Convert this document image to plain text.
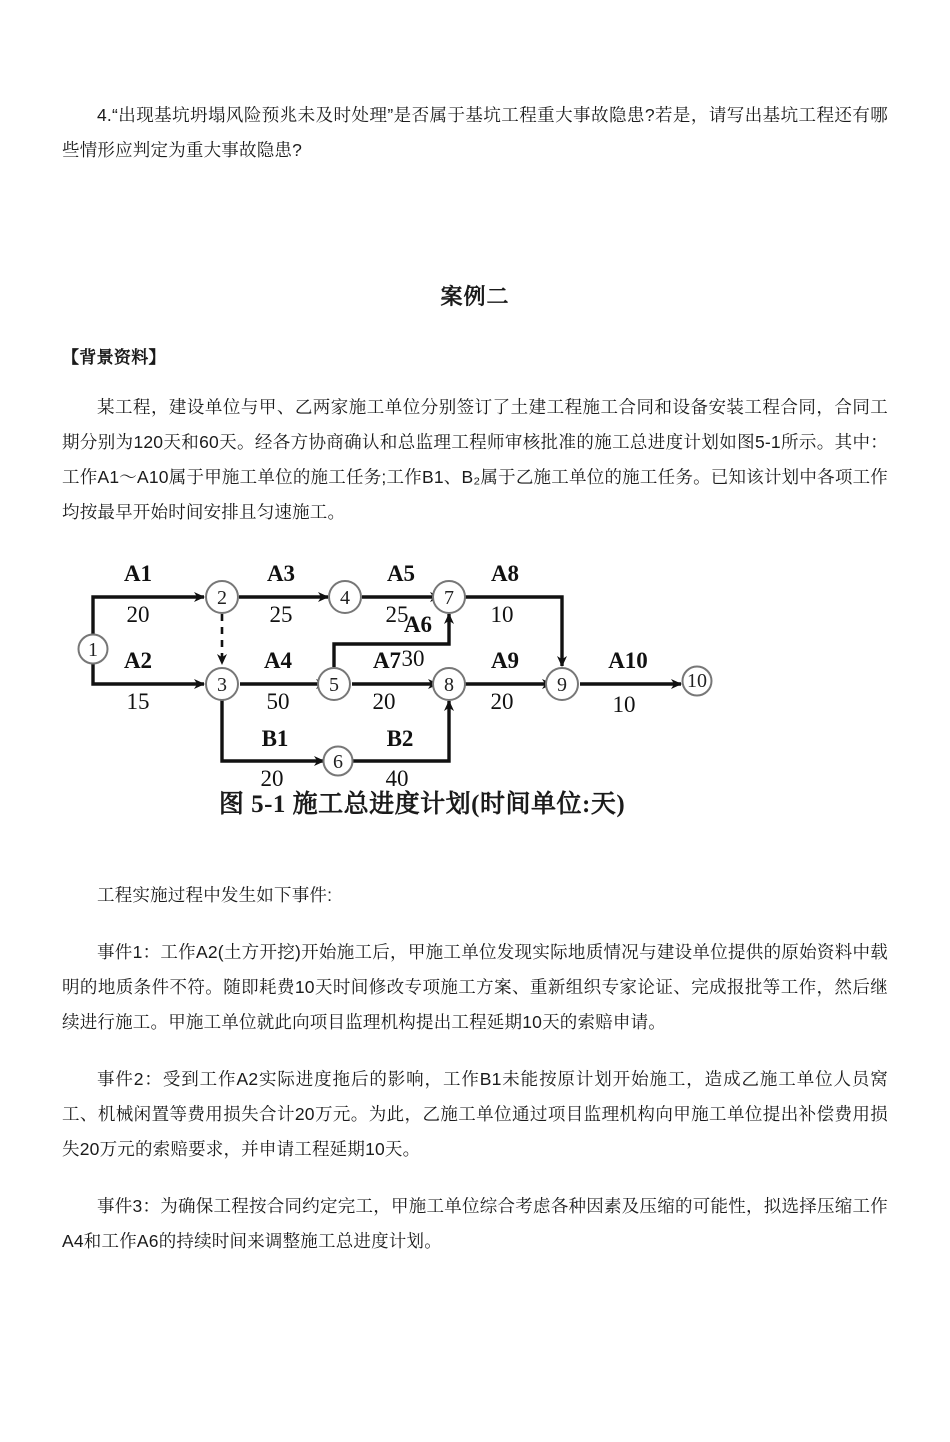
4.“出现基坑坍塌风险预兆未及时处理”是否属于基坑工程重大事故隐患?若是，请写出基坑工程还有哪些情形应判定为重大事故隐患?
案例二
【背景资料】
某工程，建设单位与甲、乙两家施工单位分别签订了土建工程施工合同和设备安装工程合同，合同工期分别为120天和60天。经各方协商确认和总监理工程师审核批准的施工总进度计划如图5-1所示。其中：工作A1～A10属于甲施工单位的施工任务;工作B1、B₂属于乙施工单位的施工任务。已知该计划中各项工作均按最早开始时间安排且匀速施工。
1
2
3
4
5
6
7
8	9	10
A1
20
A2
15
A3
25
A4
50
A5
25
A6
30
A7
20
A8
10
A9
20
A10
10
B1
20
B2
40
图 5-1 施工总进度计划(时间单位:天)
工程实施过程中发生如下事件:
事件1：工作A2(土方开挖)开始施工后，甲施工单位发现实际地质情况与建设单位提供的原始资料中载明的地质条件不符。随即耗费10天时间修改专项施工方案、重新组织专家论证、完成报批等工作，然后继续进行施工。甲施工单位就此向项目监理机构提出工程延期10天的索赔申请。
事件2：受到工作A2实际进度拖后的影响，工作B1未能按原计划开始施工，造成乙施工单位人员窝工、机械闲置等费用损失合计20万元。为此，乙施工单位通过项目监理机构向甲施工单位提出补偿费用损失20万元的索赔要求，并申请工程延期10天。
事件3：为确保工程按合同约定完工，甲施工单位综合考虑各种因素及压缩的可能性，拟选择压缩工作A4和工作A6的持续时间来调整施工总进度计划。
